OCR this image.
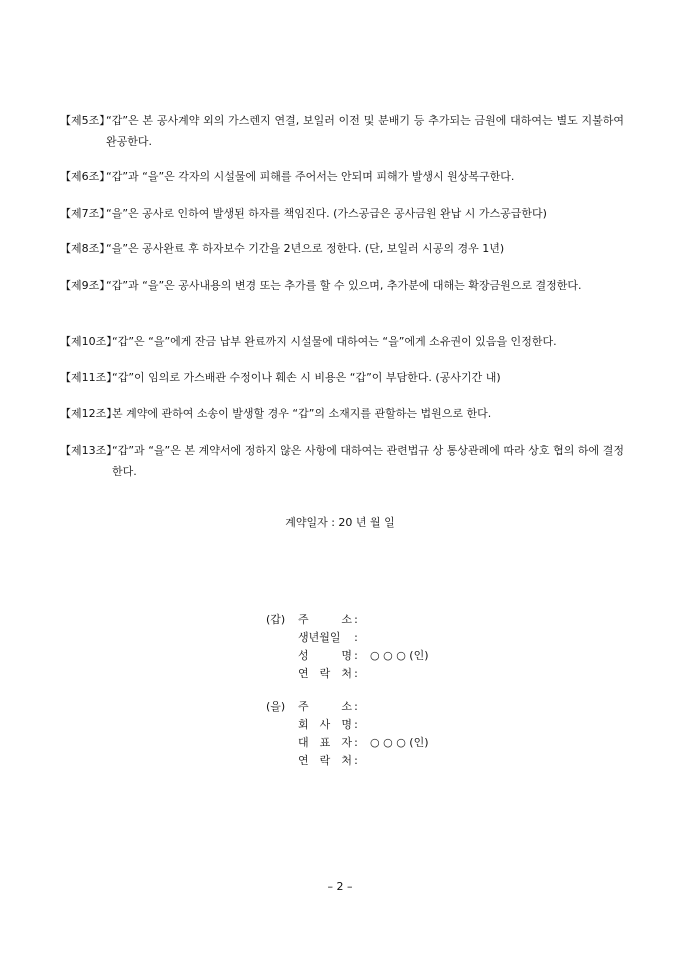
【제5조】
“갑”은 본 공사계약 외의 가스렌지 연결, 보일러 이전 및 분배기 등 추가되는 금원에 대하여는 별도 지불하여 완공한다.
【제6조】
“갑”과 “을”은 각자의 시설물에 피해를 주어서는 안되며 피해가 발생시 원상복구한다.
【제7조】
“을”은 공사로 인하여 발생된 하자를 책임진다. (가스공급은 공사금원 완납 시 가스공급한다)
【제8조】
“을”은 공사완료 후 하자보수 기간을 2년으로 정한다. (단, 보일러 시공의 경우 1년)
【제9조】
“갑”과 “을”은 공사내용의 변경 또는 추가를 할 수 있으며, 추가분에 대해는 확장금원으로 결정한다.
【제10조】
“갑”은 “을”에게 잔금 납부 완료까지 시설물에 대하여는 “을”에게 소유권이 있음을 인정한다.
【제11조】
“갑”이 임의로 가스배관 수정이나 훼손 시 비용은 “갑”이 부담한다. (공사기간 내)
【제12조】
본 계약에 관하여 소송이 발생할 경우 “갑”의 소재지를 관할하는 법원으로 한다.
【제13조】
“갑”과 “을”은 본 계약서에 정하지 않은 사항에 대하여는 관련법규 상 통상관례에 따라 상호 협의 하에 결정한다.
계약일자 : 20 년 월 일
(갑) 주 소 :
생년월일 :
성 명 : ○ ○ ○ (인)
연 락 처 :
(을) 주 소 :
회 사 명 :
대 표 자 : ○ ○ ○ (인)
연 락 처 :
– 2 –
